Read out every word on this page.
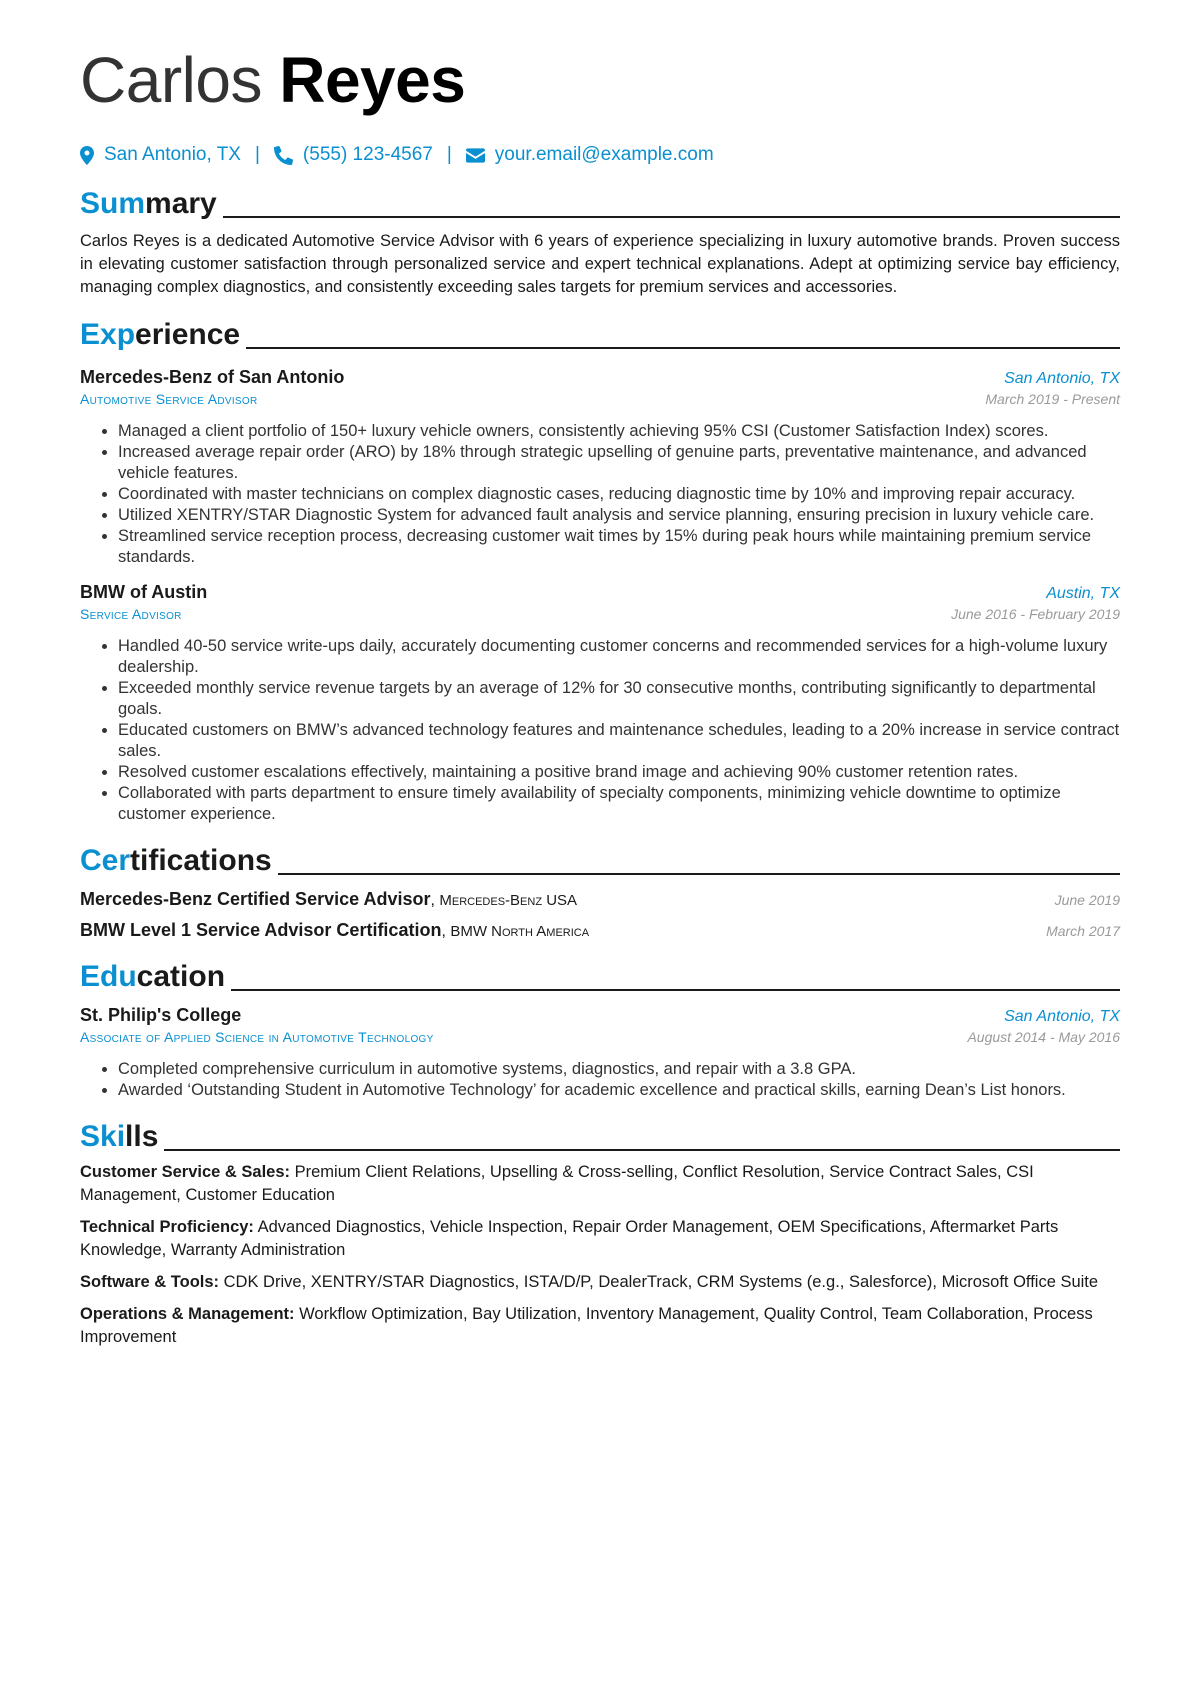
Carlos Reyes
San Antonio, TX | (555) 123-4567 | your.email@example.com
Summary

Carlos Reyes is a dedicated Automotive Service Advisor with 6 years of experience specializing in luxury automotive brands. Proven success in elevating customer satisfaction through personalized service and expert technical explanations. Adept at optimizing service bay efficiency, managing complex diagnostics, and consistently exceeding sales targets for premium services and accessories.

Experience
Mercedes-Benz of San Antonio	San Antonio, TX
Automotive Service Advisor	March 2019 - Present
• Managed a client portfolio of 150+ luxury vehicle owners, consistently achieving 95% CSI (Customer Satisfaction Index) scores.
• Increased average repair order (ARO) by 18% through strategic upselling of genuine parts, preventative maintenance, and advanced vehicle features.
• Coordinated with master technicians on complex diagnostic cases, reducing diagnostic time by 10% and improving repair accuracy.
• Utilized XENTRY/STAR Diagnostic System for advanced fault analysis and service planning, ensuring precision in luxury vehicle care.
• Streamlined service reception process, decreasing customer wait times by 15% during peak hours while maintaining premium service standards.
BMW of Austin	Austin, TX
Service Advisor	June 2016 - February 2019
• Handled 40-50 service write-ups daily, accurately documenting customer concerns and recommended services for a high-volume luxury dealership.
• Exceeded monthly service revenue targets by an average of 12% for 30 consecutive months, contributing significantly to departmental goals.
• Educated customers on BMW’s advanced technology features and maintenance schedules, leading to a 20% increase in service contract sales.
• Resolved customer escalations effectively, maintaining a positive brand image and achieving 90% customer retention rates.
• Collaborated with parts department to ensure timely availability of specialty components, minimizing vehicle downtime to optimize customer experience.
Certifications
Mercedes-Benz Certified Service Advisor, Mercedes-Benz USA	June 2019
BMW Level 1 Service Advisor Certification, BMW North America	March 2017
Education
St. Philip's College	San Antonio, TX
Associate of Applied Science in Automotive Technology	August 2014 - May 2016
• Completed comprehensive curriculum in automotive systems, diagnostics, and repair with a 3.8 GPA.
• Awarded ‘Outstanding Student in Automotive Technology’ for academic excellence and practical skills, earning Dean’s List honors.
Skills
Customer Service & Sales: Premium Client Relations, Upselling & Cross-selling, Conflict Resolution, Service Contract Sales, CSI Management, Customer Education
Technical Proficiency: Advanced Diagnostics, Vehicle Inspection, Repair Order Management, OEM Specifications, Aftermarket Parts Knowledge, Warranty Administration
Software & Tools: CDK Drive, XENTRY/STAR Diagnostics, ISTA/D/P, DealerTrack, CRM Systems (e.g., Salesforce), Microsoft Office Suite
Operations & Management: Workflow Optimization, Bay Utilization, Inventory Management, Quality Control, Team Collaboration, Process Improvement
